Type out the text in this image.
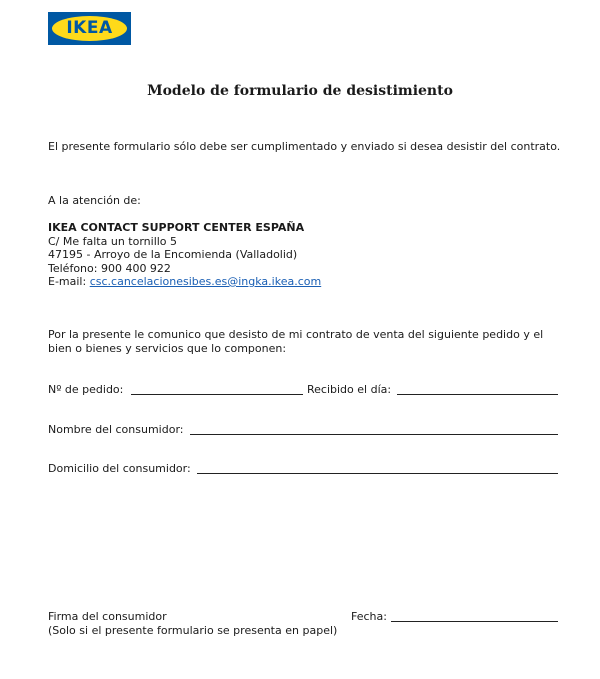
IKEA
Modelo de formulario de desistimiento
El presente formulario sólo debe ser cumplimentado y enviado si desea desistir del contrato.
A la atención de:
IKEA CONTACT SUPPORT CENTER ESPAÑA
C/ Me falta un tornillo 5
47195 - Arroyo de la Encomienda (Valladolid)
Teléfono: 900 400 922
E-mail: csc.cancelacionesibes.es@ingka.ikea.com
Por la presente le comunico que desisto de mi contrato de venta del siguiente pedido y el
bien o bienes y servicios que lo componen:
Nº de pedido:	Recibido el día:
Nombre del consumidor:
Domicilio del consumidor:
Firma del consumidor	Fecha:
(Solo si el presente formulario se presenta en papel)
